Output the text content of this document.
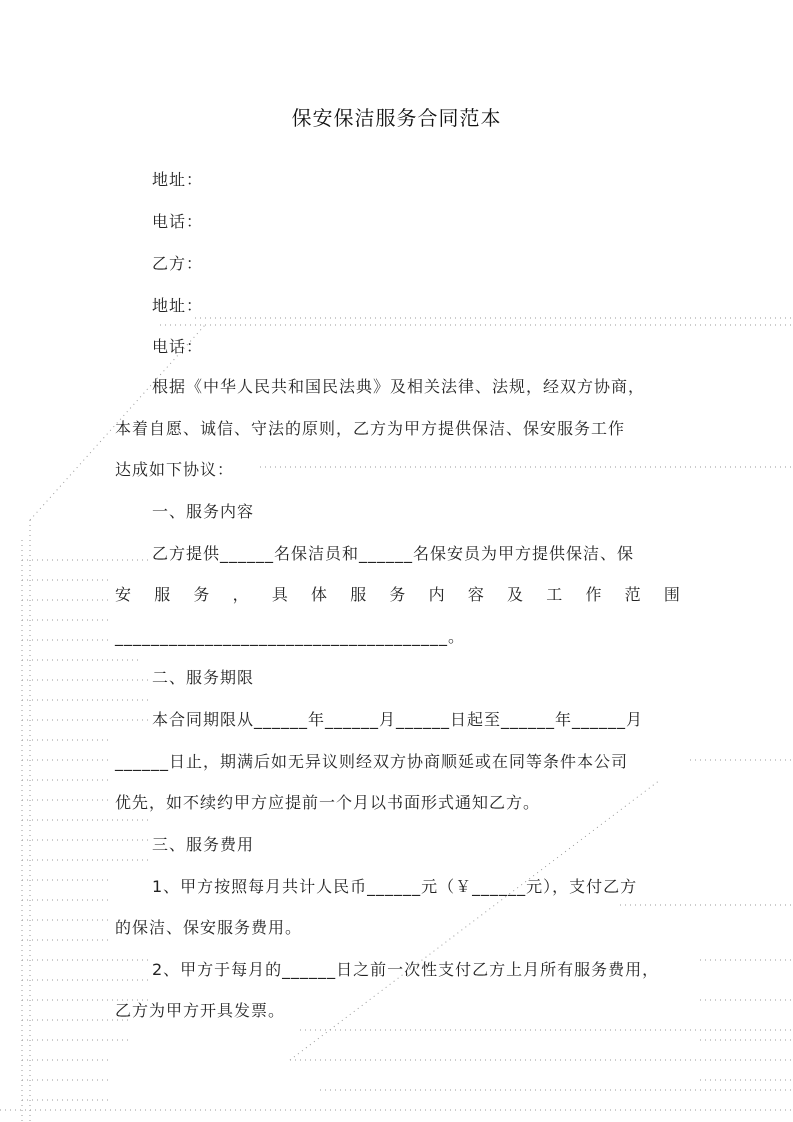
保安保洁服务合同范本
地址：
电话：
乙方：
地址：
电话：
根据《中华人民共和国民法典》及相关法律、法规，经双方协商，
本着自愿、诚信、守法的原则，乙方为甲方提供保洁、保安服务工作
达成如下协议：
一、服务内容
乙方提供______名保洁员和______名保安员为甲方提供保洁、保
安 服 务 ， 具 体 服 务 内 容 及 工 作 范 围
_____________________________________。
二、服务期限
本合同期限从______年______月______日起至______年______月
______日止，期满后如无异议则经双方协商顺延或在同等条件本公司
优先，如不续约甲方应提前一个月以书面形式通知乙方。
三、服务费用
1、甲方按照每月共计人民币______元（￥______元），支付乙方
的保洁、保安服务费用。
2、甲方于每月的______日之前一次性支付乙方上月所有服务费用，
乙方为甲方开具发票。
